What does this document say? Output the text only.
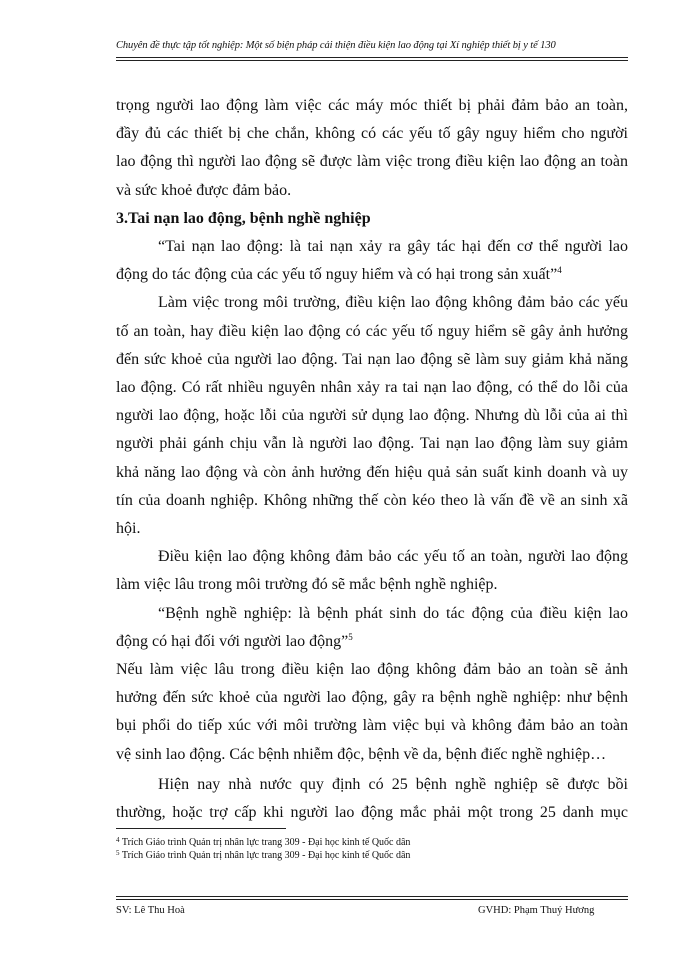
Chuyên đề thực tập tốt nghiệp: Một số biện pháp cải thiện điều kiện lao động tại Xí nghiệp thiết bị y tế 130

trọng người lao động làm việc các máy móc thiết bị phải đảm bảo an toàn,
đầy đủ các thiết bị che chắn, không có các yếu tố gây nguy hiểm cho người
lao động thì người lao động sẽ được làm việc trong điều kiện lao động an toàn
và sức khoẻ được đảm bảo.

3.Tai nạn lao động, bệnh nghề nghiệp

“Tai nạn lao động: là tai nạn xảy ra gây tác hại đến cơ thể người lao
động do tác động của các yếu tố nguy hiểm và có hại trong sản xuất”$^4$

Làm việc trong môi trường, điều kiện lao động không đảm bảo các yếu
tố an toàn, hay điều kiện lao động có các yếu tố nguy hiểm sẽ gây ảnh hưởng
đến sức khoẻ của người lao động. Tai nạn lao động sẽ làm suy giảm khả năng
lao động. Có rất nhiều nguyên nhân xảy ra tai nạn lao động, có thể do lỗi của
người lao động, hoặc lỗi của người sử dụng lao động. Nhưng dù lỗi của ai thì
người phải gánh chịu vẫn là người lao động. Tai nạn lao động làm suy giảm
khả năng lao động và còn ảnh hưởng đến hiệu quả sản suất kinh doanh và uy
tín của doanh nghiệp. Không những thế còn kéo theo là vấn đề về an sinh xã
hội.

Điều kiện lao động không đảm bảo các yếu tố an toàn, người lao động
làm việc lâu trong môi trường đó sẽ mắc bệnh nghề nghiệp.

“Bệnh nghề nghiệp: là bệnh phát sinh do tác động của điều kiện lao
động có hại đối với người lao động”$^5$

Nếu làm việc lâu trong điều kiện lao động không đảm bảo an toàn sẽ ảnh
hưởng đến sức khoẻ của người lao động, gây ra bệnh nghề nghiệp: như bệnh
bụi phổi do tiếp xúc với môi trường làm việc bụi và không đảm bảo an toàn
vệ sinh lao động. Các bệnh nhiễm độc, bệnh về da, bệnh điếc nghề nghiệp…

Hiện nay nhà nước quy định có 25 bệnh nghề nghiệp sẽ được bồi
thường, hoặc trợ cấp khi người lao động mắc phải một trong 25 danh mục

$^4$ Trích Giáo trình Quản trị nhân lực trang 309 - Đại học kinh tế Quốc dân
$^5$ Trích Giáo trình Quản trị nhân lực trang 309 - Đại học kinh tế Quốc dân
SV: Lê Thu Hoà	GVHD: Phạm Thuý Hương
